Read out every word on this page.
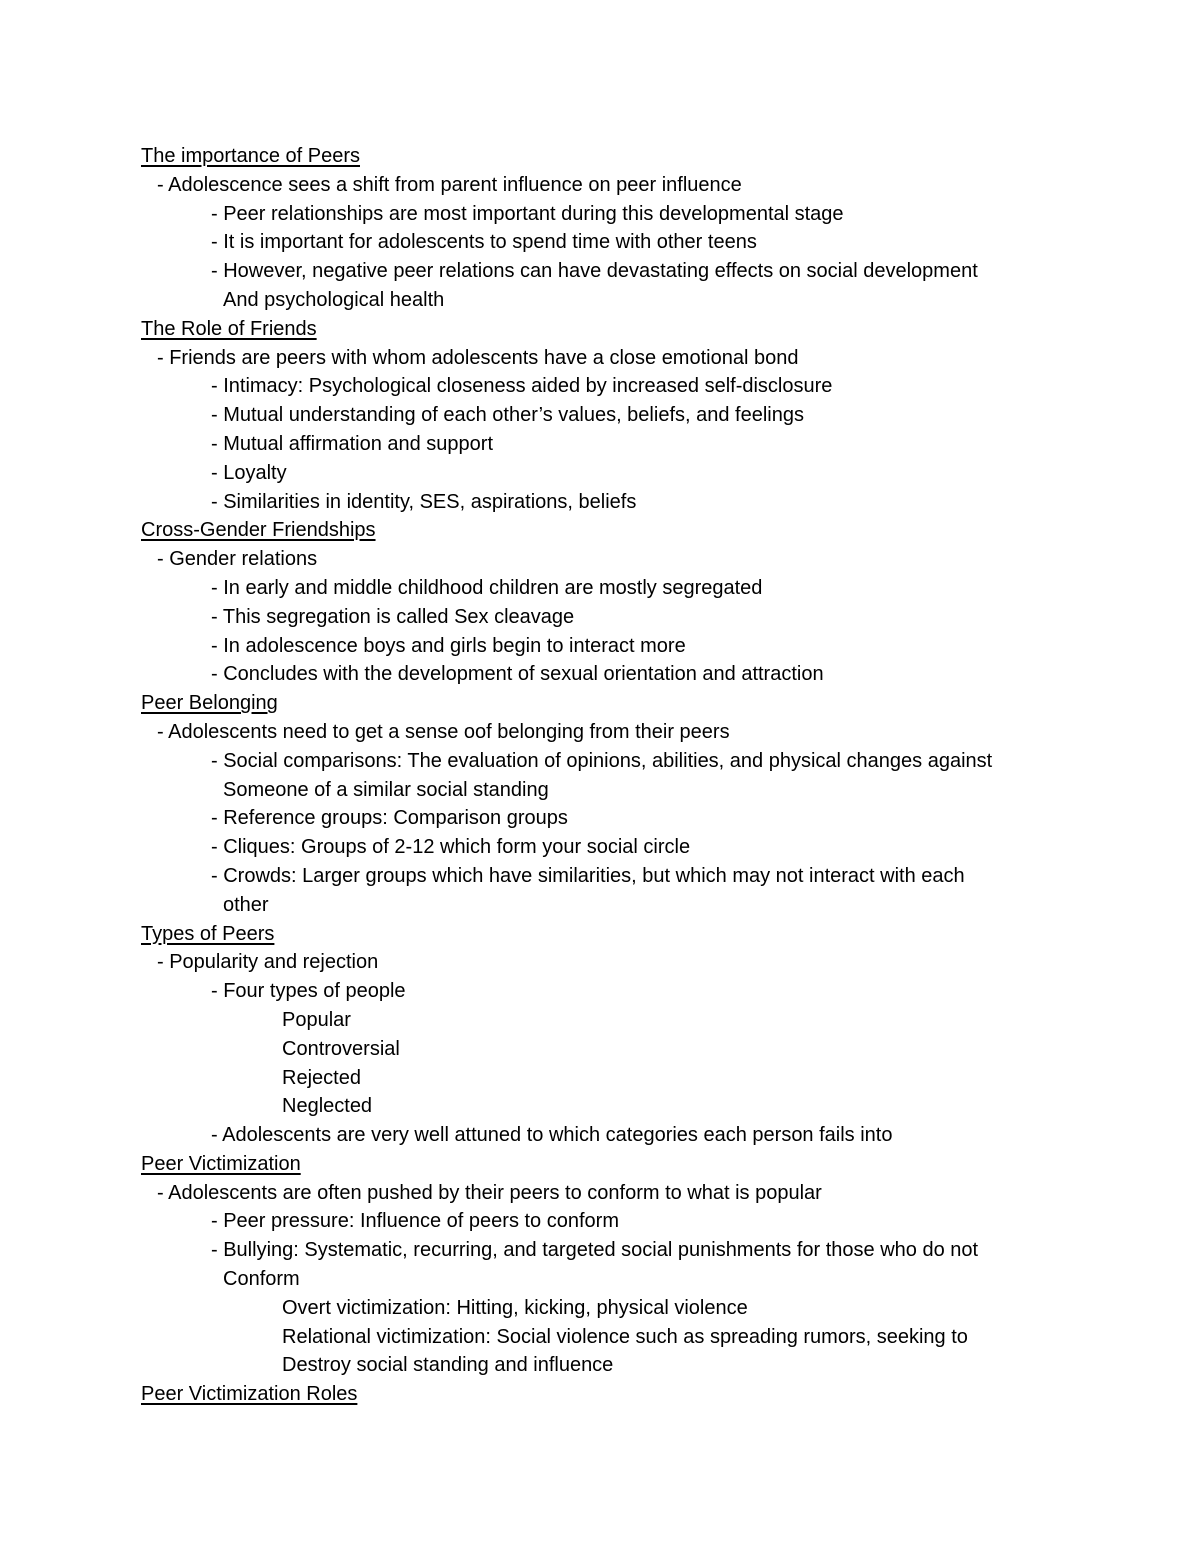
The importance of Peers
- Adolescence sees a shift from parent influence on peer influence
- Peer relationships are most important during this developmental stage
- It is important for adolescents to spend time with other teens
- However, negative peer relations can have devastating effects on social development
And psychological health
The Role of Friends
- Friends are peers with whom adolescents have a close emotional bond
- Intimacy: Psychological closeness aided by increased self-disclosure
- Mutual understanding of each other’s values, beliefs, and feelings
- Mutual affirmation and support
- Loyalty
- Similarities in identity, SES, aspirations, beliefs
Cross-Gender Friendships
- Gender relations
- In early and middle childhood children are mostly segregated
- This segregation is called Sex cleavage
- In adolescence boys and girls begin to interact more
- Concludes with the development of sexual orientation and attraction
Peer Belonging
- Adolescents need to get a sense oof belonging from their peers
- Social comparisons: The evaluation of opinions, abilities, and physical changes against
Someone of a similar social standing
- Reference groups: Comparison groups
- Cliques: Groups of 2-12 which form your social circle
- Crowds: Larger groups which have similarities, but which may not interact with each
other
Types of Peers
- Popularity and rejection
- Four types of people
Popular
Controversial
Rejected
Neglected
- Adolescents are very well attuned to which categories each person fails into
Peer Victimization
- Adolescents are often pushed by their peers to conform to what is popular
- Peer pressure: Influence of peers to conform
- Bullying: Systematic, recurring, and targeted social punishments for those who do not
Conform
Overt victimization: Hitting, kicking, physical violence
Relational victimization: Social violence such as spreading rumors, seeking to
Destroy social standing and influence
Peer Victimization Roles
